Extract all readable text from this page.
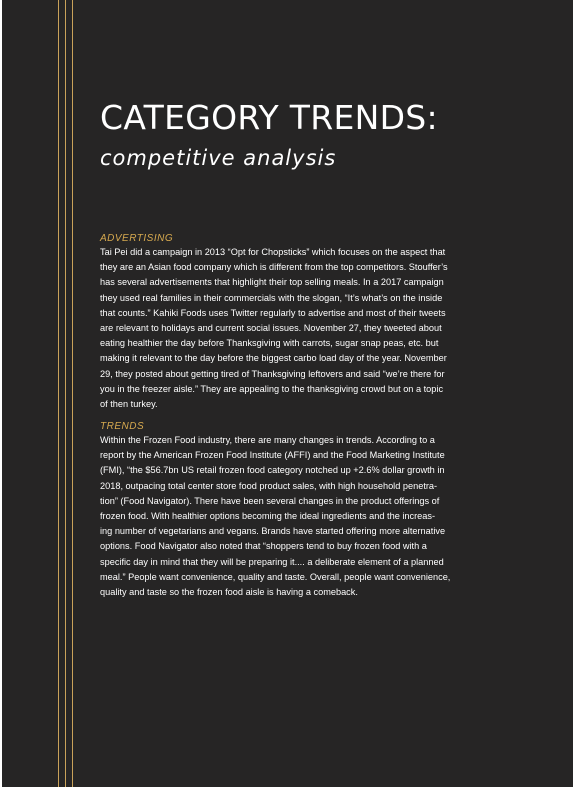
CATEGORY TRENDS:
competitive analysis
ADVERTISING

Tai Pei did a campaign in 2013 “Opt for Chopsticks” which focuses on the aspect that
they are an Asian food company which is different from the top competitors. Stouffer’s
has several advertisements that highlight their top selling meals. In a 2017 campaign
they used real families in their commercials with the slogan, “It’s what’s on the inside
that counts.” Kahiki Foods uses Twitter regularly to advertise and most of their tweets
are relevant to holidays and current social issues. November 27, they tweeted about
eating healthier the day before Thanksgiving with carrots, sugar snap peas, etc. but
making it relevant to the day before the biggest carbo load day of the year. November
29, they posted about getting tired of Thanksgiving leftovers and said “we’re there for
you in the freezer aisle.” They are appealing to the thanksgiving crowd but on a topic
of then turkey.

TRENDS

Within the Frozen Food industry, there are many changes in trends. According to a
report by the American Frozen Food Institute (AFFI) and the Food Marketing Institute
(FMI), “the $56.7bn US retail frozen food category notched up +2.6% dollar growth in
2018, outpacing total center store food product sales, with high household penetra-
tion” (Food Navigator). There have been several changes in the product offerings of
frozen food. With healthier options becoming the ideal ingredients and the increas-
ing number of vegetarians and vegans. Brands have started offering more alternative
options. Food Navigator also noted that “shoppers tend to buy frozen food with a
specific day in mind that they will be preparing it.... a deliberate element of a planned
meal.” People want convenience, quality and taste. Overall, people want convenience,
quality and taste so the frozen food aisle is having a comeback.
